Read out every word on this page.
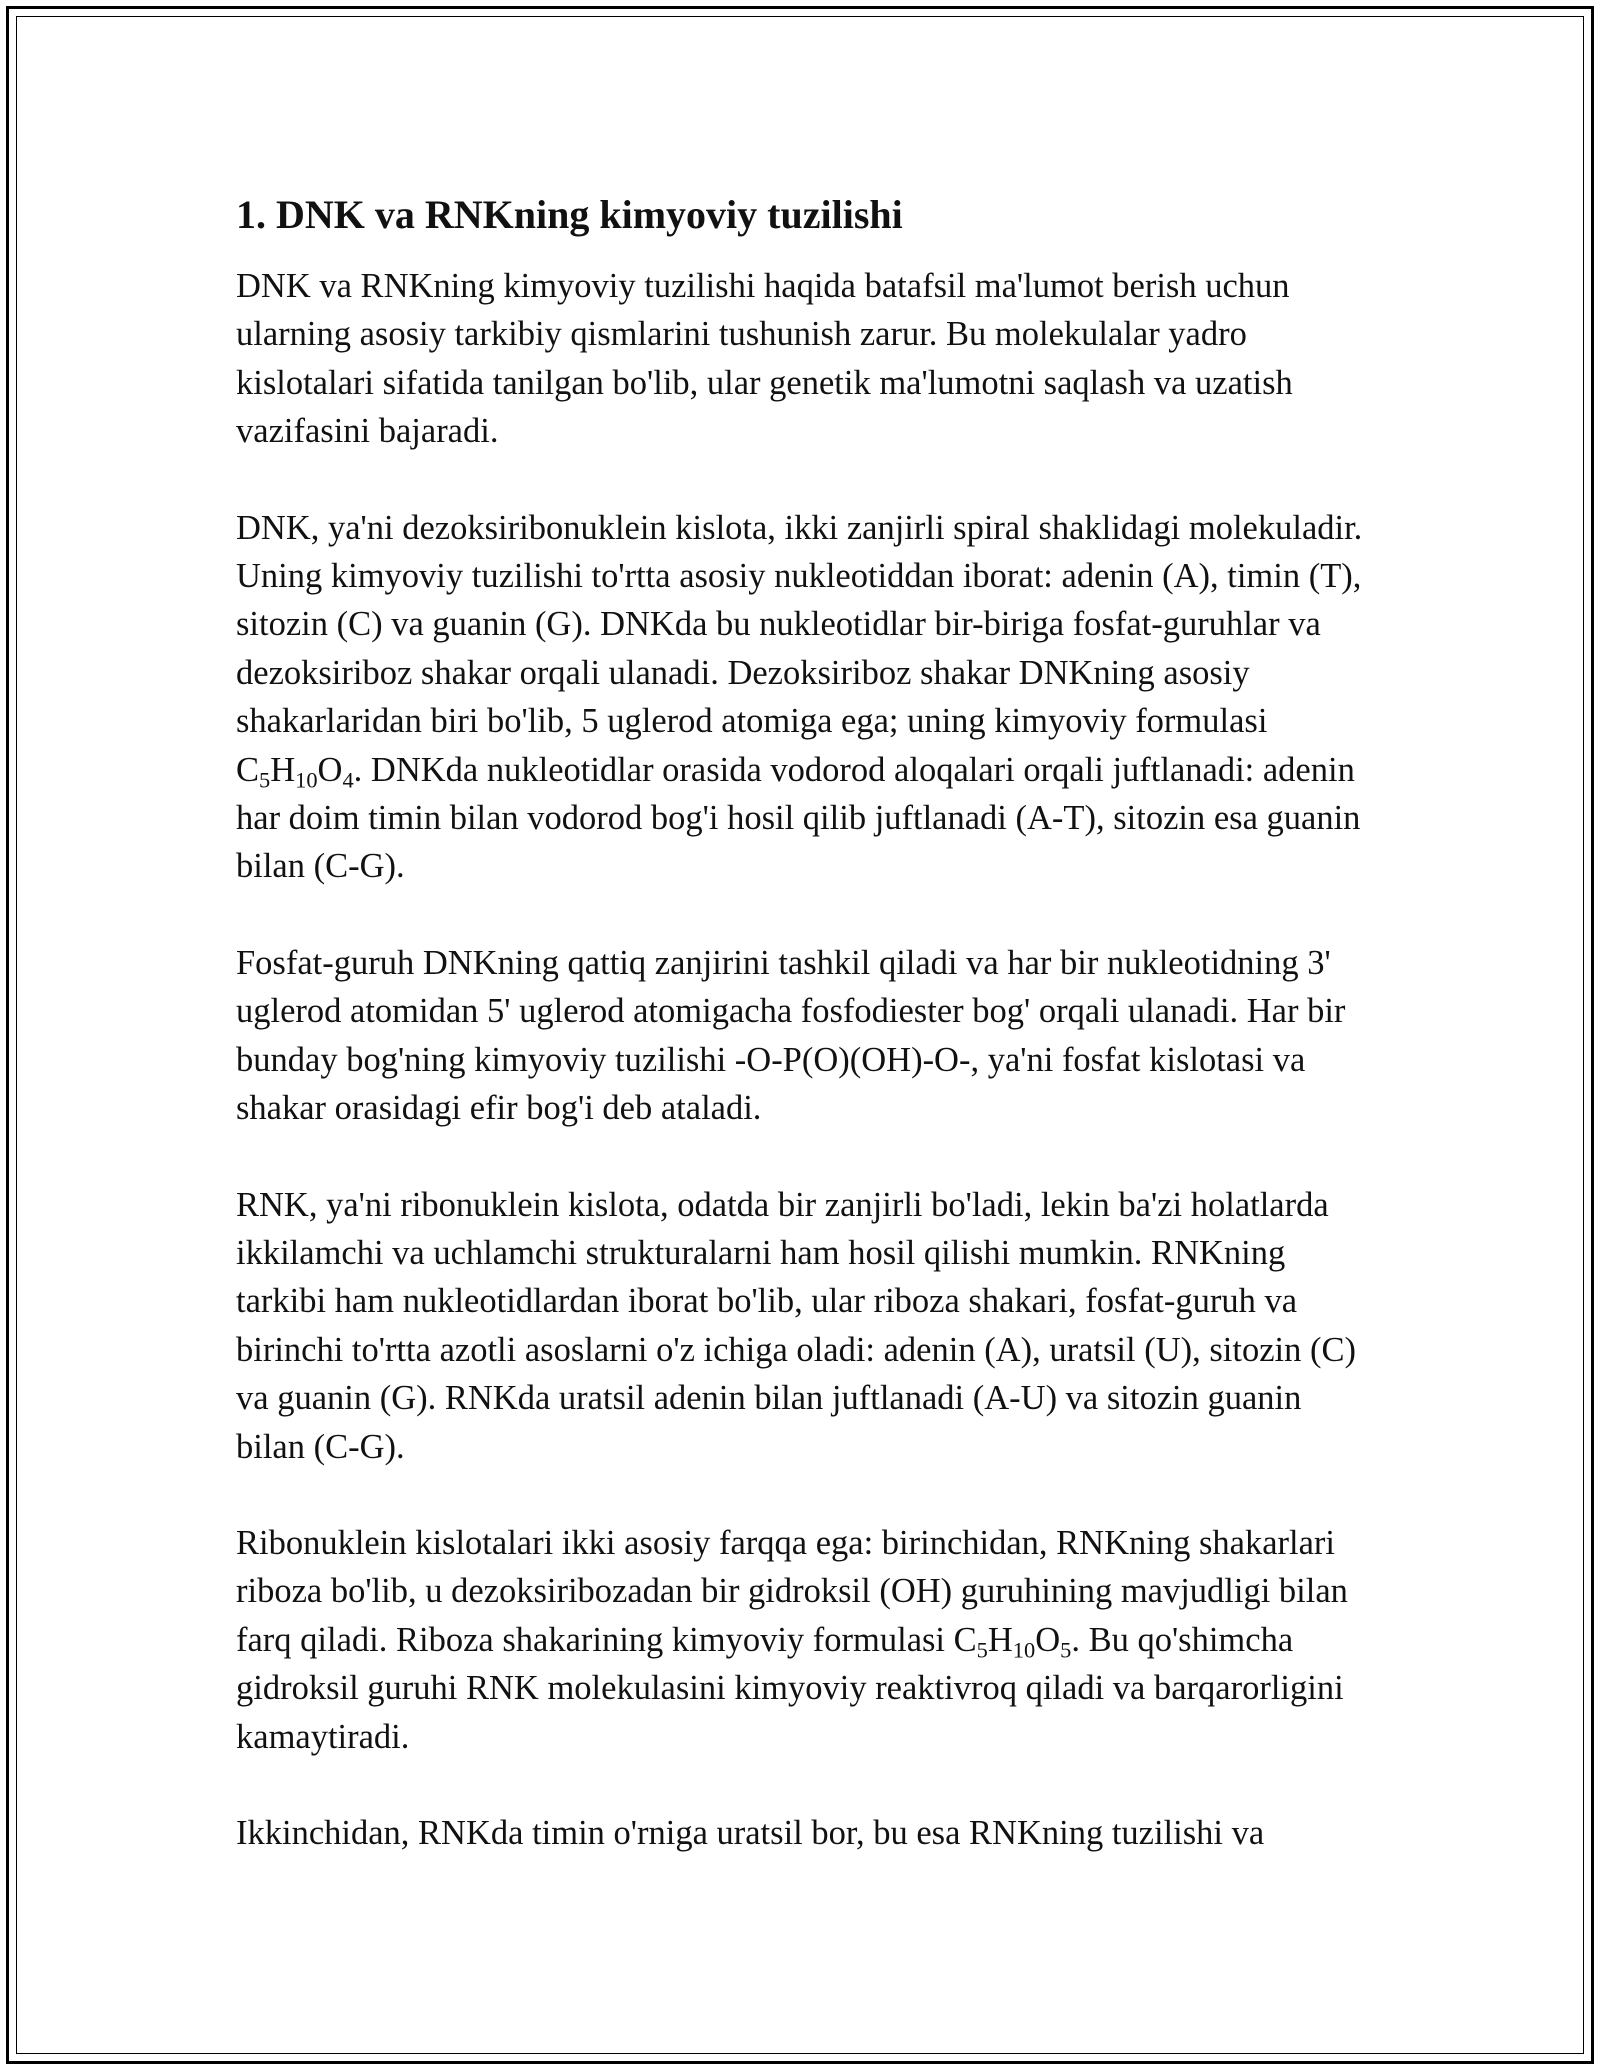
1. DNK va RNKning kimyoviy tuzilishi

DNK va RNKning kimyoviy tuzilishi haqida batafsil ma'lumot berish uchun ularning asosiy tarkibiy qismlarini tushunish zarur. Bu molekulalar yadro kislotalari sifatida tanilgan bo'lib, ular genetik ma'lumotni saqlash va uzatish vazifasini bajaradi.

DNK, ya'ni dezoksiribonuklein kislota, ikki zanjirli spiral shaklidagi molekuladir. Uning kimyoviy tuzilishi to'rtta asosiy nukleotiddan iborat: adenin (A), timin (T), sitozin (C) va guanin (G). DNKda bu nukleotidlar bir-biriga fosfat-guruhlar va dezoksiriboz shakar orqali ulanadi. Dezoksiriboz shakar DNKning asosiy shakarlaridan biri bo'lib, 5 uglerod atomiga ega; uning kimyoviy formulasi $C_5H_{10}O_4$. DNKda nukleotidlar orasida vodorod aloqalari orqali juftlanadi: adenin har doim timin bilan vodorod bog'i hosil qilib juftlanadi (A-T), sitozin esa guanin bilan (C-G).

Fosfat-guruh DNKning qattiq zanjirini tashkil qiladi va har bir nukleotidning 3' uglerod atomidan 5' uglerod atomigacha fosfodiester bog' orqali ulanadi. Har bir bunday bog'ning kimyoviy tuzilishi -O-P(O)(OH)-O-, ya'ni fosfat kislotasi va shakar orasidagi efir bog'i deb ataladi.

RNK, ya'ni ribonuklein kislota, odatda bir zanjirli bo'ladi, lekin ba'zi holatlarda ikkilamchi va uchlamchi strukturalarni ham hosil qilishi mumkin. RNKning tarkibi ham nukleotidlardan iborat bo'lib, ular riboza shakari, fosfat-guruh va birinchi to'rtta azotli asoslarni o'z ichiga oladi: adenin (A), uratsil (U), sitozin (C) va guanin (G). RNKda uratsil adenin bilan juftlanadi (A-U) va sitozin guanin bilan (C-G).

Ribonuklein kislotalari ikki asosiy farqqa ega: birinchidan, RNKning shakarlari riboza bo'lib, u dezoksiribozadan bir gidroksil (OH) guruhining mavjudligi bilan farq qiladi. Riboza shakarining kimyoviy formulasi $C_5H_{10}O_5$. Bu qo'shimcha gidroksil guruhi RNK molekulasini kimyoviy reaktivroq qiladi va barqarorligini kamaytiradi.

Ikkinchidan, RNKda timin o'rniga uratsil bor, bu esa RNKning tuzilishi va
